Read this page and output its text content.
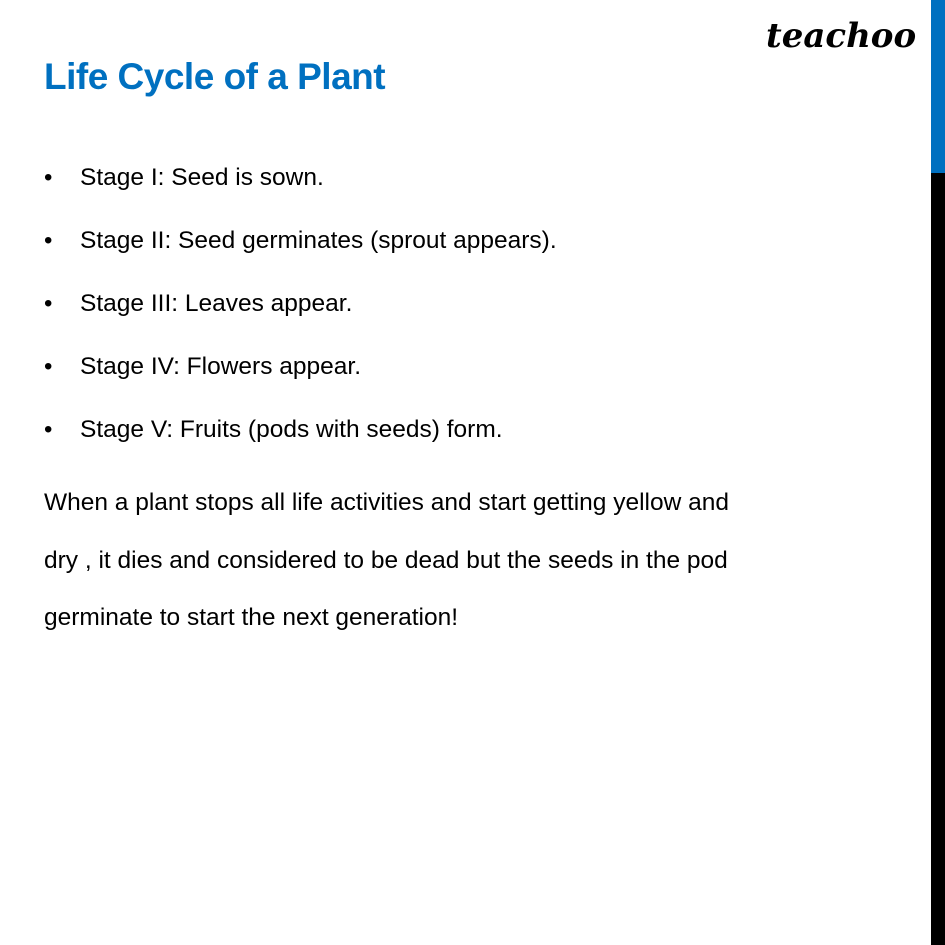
teachoo
Life Cycle of a Plant
• Stage I: Seed is sown.
• Stage II: Seed germinates (sprout appears).
• Stage III: Leaves appear.
• Stage IV: Flowers appear.
• Stage V: Fruits (pods with seeds) form.

When a plant stops all life activities and start getting yellow and
dry , it dies and considered to be dead but the seeds in the pod
germinate to start the next generation!
